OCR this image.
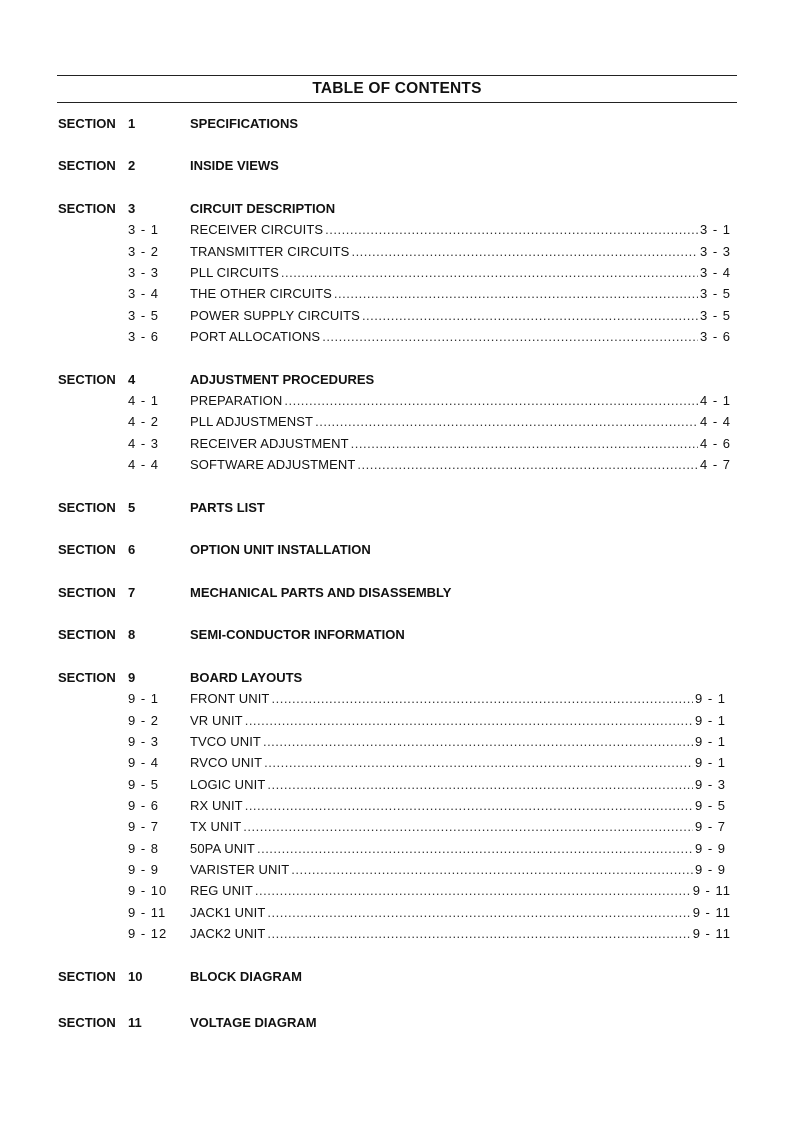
TABLE OF CONTENTS
SECTION 1	SPECIFICATIONS
SECTION 2	INSIDE VIEWS
SECTION 3	CIRCUIT DESCRIPTION
3 - 1 RECEIVER CIRCUITS .....	3 - 1
3 - 2 TRANSMITTER CIRCUITS .....	3 - 3
3 - 3 PLL CIRCUITS .....	3 - 4
3 - 4 THE OTHER CIRCUITS .....	3 - 5
3 - 5 POWER SUPPLY CIRCUITS .....	3 - 5
3 - 6 PORT ALLOCATIONS .....	3 - 6
SECTION 4	ADJUSTMENT PROCEDURES
4 - 1 PREPARATION .....	4 - 1
4 - 2 PLL ADJUSTMENST .....	4 - 4
4 - 3 RECEIVER ADJUSTMENT .....	4 - 6
4 - 4 SOFTWARE ADJUSTMENT .....	4 - 7
SECTION 5	PARTS LIST
SECTION 6	OPTION UNIT INSTALLATION
SECTION 7	MECHANICAL PARTS AND DISASSEMBLY
SECTION 8	SEMI-CONDUCTOR INFORMATION
SECTION 9	BOARD LAYOUTS
9 - 1 FRONT UNIT .....	9 - 1
9 - 2 VR UNIT .....	9 - 1
9 - 3 TVCO UNIT .....	9 - 1
9 - 4 RVCO UNIT .....	9 - 1
9 - 5 LOGIC UNIT .....	9 - 3
9 - 6 RX UNIT .....	9 - 5
9 - 7 TX UNIT .....	9 - 7
9 - 8 50PA UNIT .....	9 - 9
9 - 9 VARISTER UNIT .....	9 - 9
9 - 10 REG UNIT .....	9 - 11
9 - 11 JACK1 UNIT .....	9 - 11
9 - 12 JACK2 UNIT .....	9 - 11
SECTION 10	BLOCK DIAGRAM
SECTION 11	VOLTAGE DIAGRAM
